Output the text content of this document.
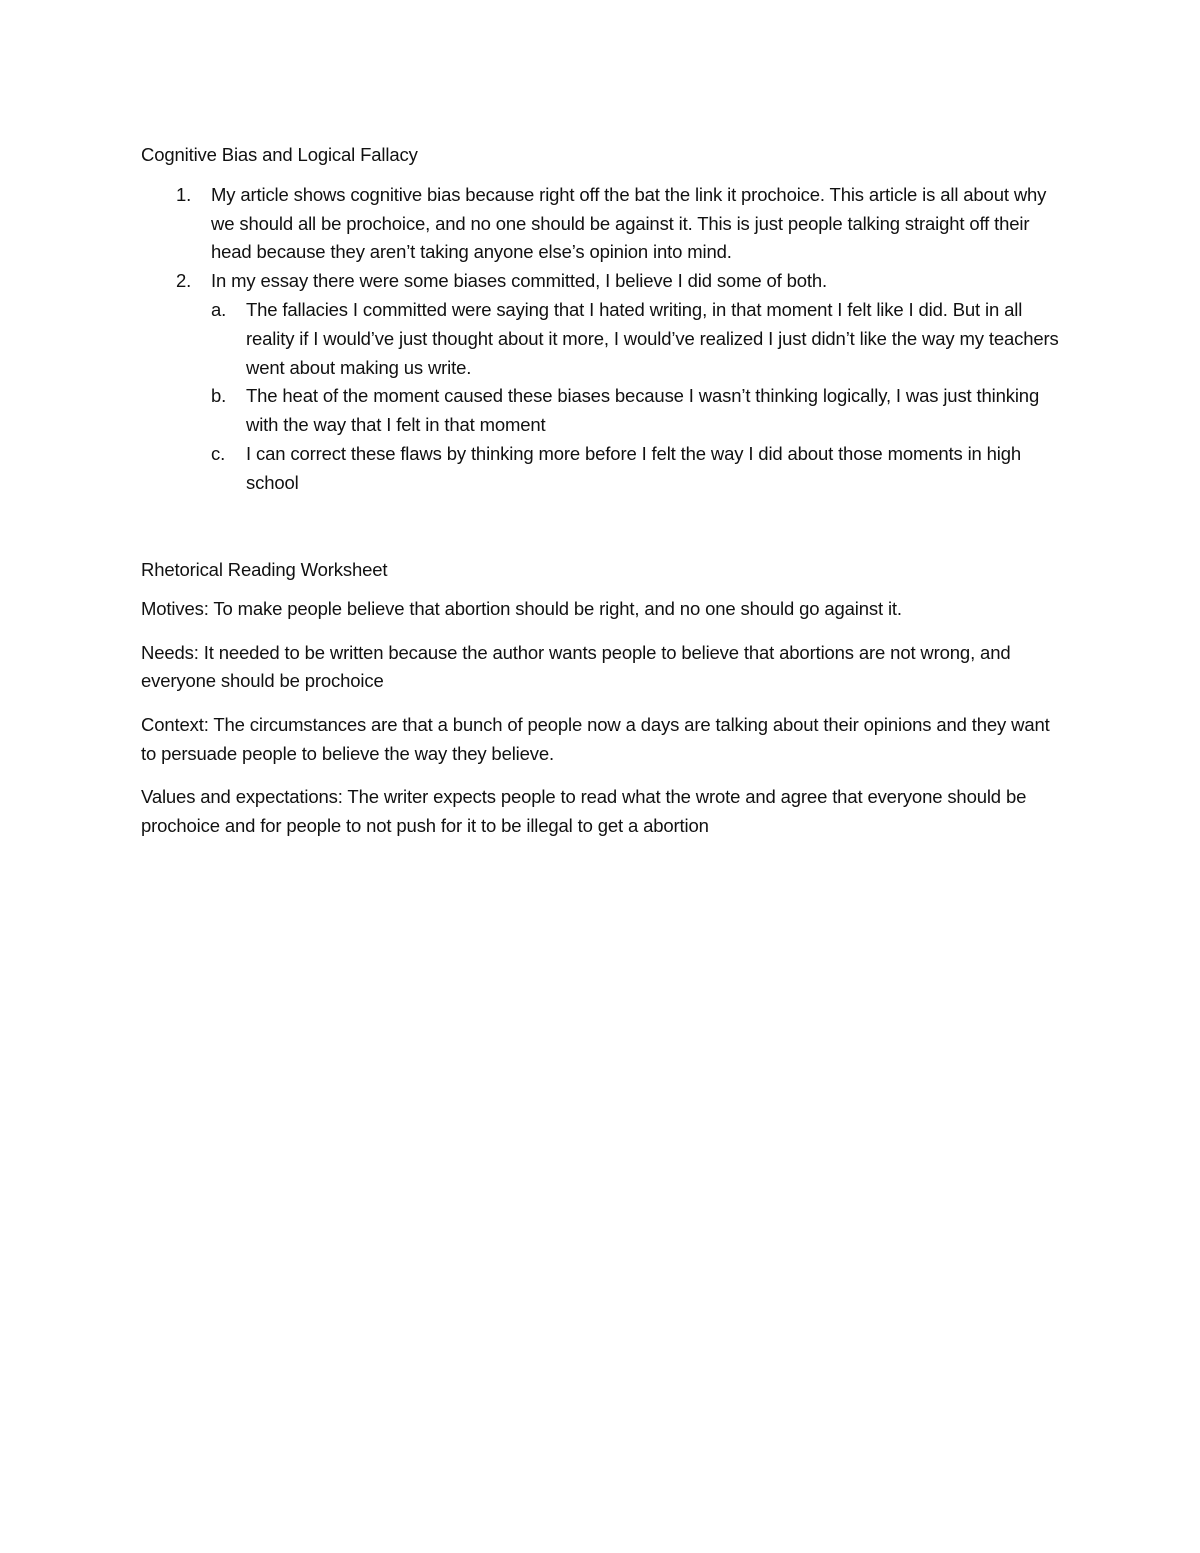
Cognitive Bias and Logical Fallacy
1. My article shows cognitive bias because right off the bat the link it prochoice. This article is all about why we should all be prochoice, and no one should be against it. This is just people talking straight off their head because they aren’t taking anyone else’s opinion into mind.
2. In my essay there were some biases committed, I believe I did some of both.
a. The fallacies I committed were saying that I hated writing, in that moment I felt like I did. But in all reality if I would’ve just thought about it more, I would’ve realized I just didn’t like the way my teachers went about making us write.
b. The heat of the moment caused these biases because I wasn’t thinking logically, I was just thinking with the way that I felt in that moment
c. I can correct these flaws by thinking more before I felt the way I did about those moments in high school
Rhetorical Reading Worksheet

Motives: To make people believe that abortion should be right, and no one should go against it.

Needs: It needed to be written because the author wants people to believe that abortions are not wrong, and everyone should be prochoice

Context: The circumstances are that a bunch of people now a days are talking about their opinions and they want to persuade people to believe the way they believe.

Values and expectations: The writer expects people to read what the wrote and agree that everyone should be prochoice and for people to not push for it to be illegal to get a abortion
